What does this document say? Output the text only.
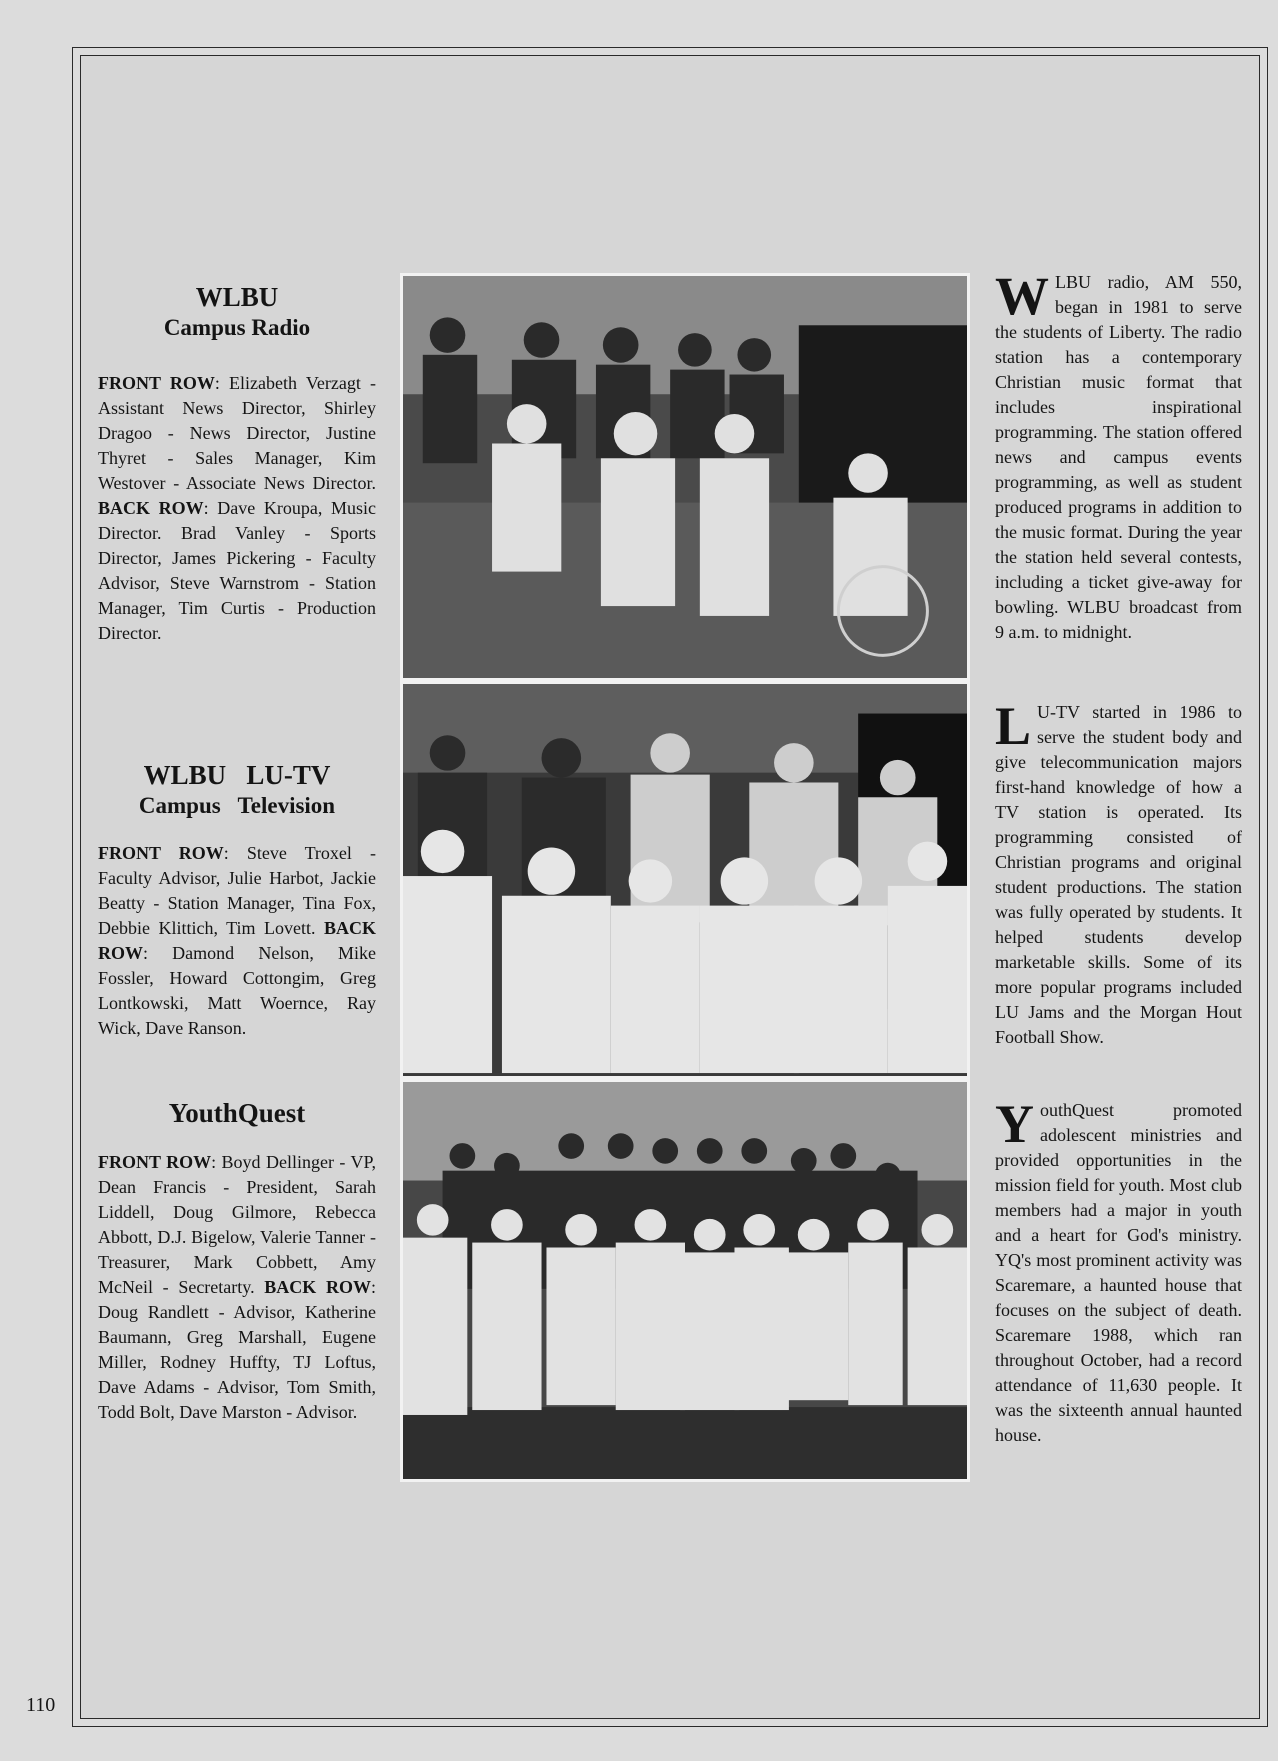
WLBU
Campus Radio
FRONT ROW: Elizabeth Verzagt - Assistant News Director, Shirley Dragoo - News Director, Justine Thyret - Sales Manager, Kim Westover - Associate News Director. BACK ROW: Dave Kroupa, Music Director. Brad Vanley - Sports Director, James Pickering - Faculty Advisor, Steve Warnstrom - Station Manager, Tim Curtis - Production Director.
WLBU   LU-TV
Campus   Television
FRONT ROW: Steve Troxel - Faculty Advisor, Julie Harbot, Jackie Beatty - Station Manager, Tina Fox, Debbie Klittich, Tim Lovett. BACK ROW: Damond Nelson, Mike Fossler, Howard Cottongim, Greg Lontkowski, Matt Woernce, Ray Wick, Dave Ranson.
YouthQuest
FRONT ROW: Boyd Dellinger - VP, Dean Francis - President, Sarah Liddell, Doug Gilmore, Rebecca Abbott, D.J. Bigelow, Valerie Tanner - Treasurer, Mark Cobbett, Amy McNeil - Secretarty. BACK ROW: Doug Randlett - Advisor, Katherine Baumann, Greg Marshall, Eugene Miller, Rodney Huffty, TJ Loftus, Dave Adams - Advisor, Tom Smith, Todd Bolt, Dave Marston - Advisor.
WLBU radio, AM 550, began in 1981 to serve the students of Liberty. The radio station has a contemporary Christian music format that includes inspirational programming. The station offered news and campus events programming, as well as student produced programs in addition to the music format. During the year the station held several contests, including a ticket give-away for bowling. WLBU broadcast from 9 a.m. to midnight.
L U-TV started in 1986 to serve the student body and give telecommunication majors first-hand knowledge of how a TV station is operated. Its programming consisted of Christian programs and original student productions. The station was fully operated by students. It helped students develop marketable skills. Some of its more popular programs included LU Jams and the Morgan Hout Football Show.
YouthQuest promoted adolescent ministries and provided opportunities in the mission field for youth. Most club members had a major in youth and a heart for God's ministry. YQ's most prominent activity was Scaremare, a haunted house that focuses on the subject of death. Scaremare 1988, which ran throughout October, had a record attendance of 11,630 people. It was the sixteenth annual haunted house.
110
